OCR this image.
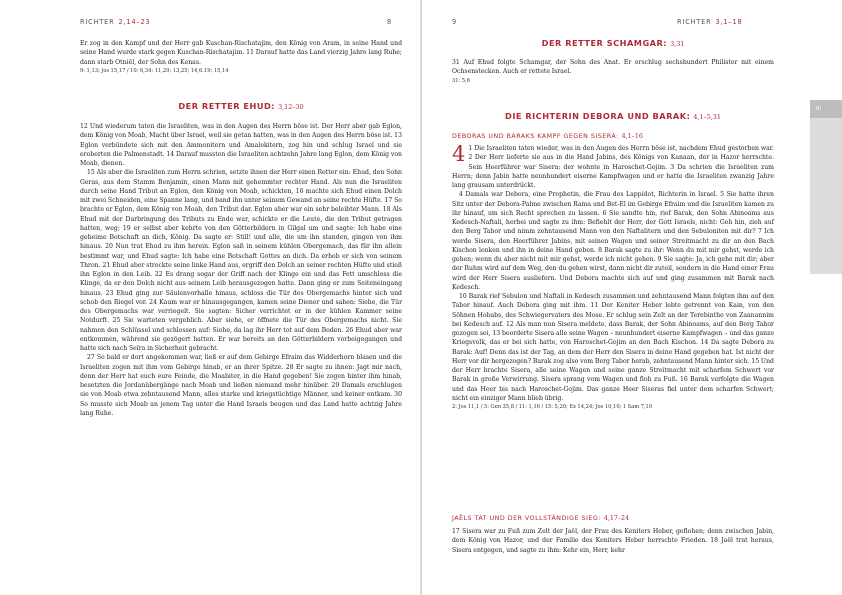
RICHTER 2,14–23	8

Er zog in den Kampf und der Herr gab Kuschan-Rischatajim, den König von Aram, in seine Hand und seine Hand wurde stark gegen Kuschan-Rischatajim. 11 Darauf hatte das Land vierzig Jahre lang Ruhe; dann starb Otniël, der Sohn des Kenas.

9: 1,13; Jos 15,17 / 10: 6,34; 11,29; 13,25; 14,6.19; 15,14

DER RETTER EHUD: 3,12–30

12 Und wiederum taten die Israeliten, was in den Augen des Herrn böse ist. Der Herr aber gab Eglon, dem König von Moab, Macht über Israel, weil sie getan hatten, was in den Augen des Herrn böse ist. 13 Eglon verbündete sich mit den Ammonitern und Amalekitern, zog hin und schlug Israel und sie eroberten die Palmenstadt. 14 Darauf mussten die Israeliten achtzehn Jahre lang Eglon, dem König von Moab, dienen.

15 Als aber die Israeliten zum Herrn schrien, setzte ihnen der Herr einen Retter ein: Ehud, den Sohn Geras, aus dem Stamm Benjamin, einen Mann mit gehemmter rechter Hand. Als nun die Israeliten durch seine Hand Tribut an Eglon, den König von Moab, schickten, 16 machte sich Ehud einen Dolch mit zwei Schneiden, eine Spanne lang, und band ihn unter seinem Gewand an seine rechte Hüfte. 17 So brachte er Eglon, dem König von Moab, den Tribut dar. Eglon aber war ein sehr beleibter Mann. 18 Als Ehud mit der Darbringung des Tributs zu Ende war, schickte er die Leute, die den Tribut getragen hatten, weg; 19 er selbst aber kehrte von den Götterbildern in Gilgal um und sagte: Ich habe eine geheime Botschaft an dich, König. Da sagte er: Still! und alle, die um ihn standen, gingen von ihm hinaus. 20 Nun trat Ehud zu ihm herein. Eglon saß in seinem kühlen Obergemach, das für ihn allein bestimmt war, und Ehud sagte: Ich habe eine Botschaft Gottes an dich. Da erhob er sich von seinem Thron. 21 Ehud aber streckte seine linke Hand aus, ergriff den Dolch an seiner rechten Hüfte und stieß ihn Eglon in den Leib. 22 Es drang sogar der Griff nach der Klinge ein und das Fett umschloss die Klinge, da er den Dolch nicht aus seinem Leib herausgezogen hatte. Dann ging er zum Seiteneingang hinaus. 23 Ehud ging zur Säulenvorhalle hinaus, schloss die Tür des Obergemachs hinter sich und schob den Riegel vor. 24 Kaum war er hinausgegangen, kamen seine Diener und sahen: Siehe, die Tür des Obergemachs war verriegelt. Sie sagten: Sicher verrichtet er in der kühlen Kammer seine Notdurft. 25 Sie warteten vergeblich. Aber siehe, er öffnete die Tür des Obergemachs nicht. Sie nahmen den Schlüssel und schlossen auf: Siehe, da lag ihr Herr tot auf dem Boden. 26 Ehud aber war entkommen, während sie gezögert hatten. Er war bereits an den Götterbildern vorbeigegangen und hatte sich nach Seïra in Sicherheit gebracht.

27 So bald er dort angekommen war, ließ er auf dem Gebirge Efraim das Widderhorn blasen und die Israeliten zogen mit ihm vom Gebirge hinab, er an ihrer Spitze. 28 Er sagte zu ihnen: Jagt mir nach, denn der Herr hat euch eure Feinde, die Moabiter, in die Hand gegeben! Sie zogen hinter ihm hinab, besetzten die Jordanübergänge nach Moab und ließen niemand mehr hinüber. 29 Damals erschlugen sie von Moab etwa zehntausend Mann, alles starke und kriegstüchtige Männer, und keiner entkam. 30 So musste sich Moab an jenem Tag unter die Hand Israels beugen und das Land hatte achtzig Jahre lang Ruhe.

9	RICHTER 3,1–18
DER RETTER SCHAMGAR: 3,31

31 Auf Ehud folgte Schamgar, der Sohn des Anat. Er erschlug sechshundert Philister mit einem Ochsenstecken. Auch er rettete Israel.

31: 5,6

DIE RICHTERIN DEBORA UND BARAK: 4,1–5,31
DEBORAS UND BARAKS KAMPF GEGEN SISERA: 4,1–16
4 1 Die Israeliten taten wieder, was in den Augen des Herrn böse ist, nachdem Ehud gestorben war. 2 Der Herr lieferte sie aus in die Hand Jabins, des Königs von Kanaan, der in Hazor herrschte. Sein Heerführer war Sisera; der wohnte in Haroschet-Gojim. 3 Da schrien die Israeliten zum Herrn; denn Jabin hatte neunhundert eiserne Kampfwagen und er hatte die Israeliten zwanzig Jahre lang grausam unterdrückt.

4 Damals war Debora, eine Prophetin, die Frau des Lappidot, Richterin in Israel. 5 Sie hatte ihren Sitz unter der Debora-Palme zwischen Rama und Bet-El im Gebirge Efraim und die Israeliten kamen zu ihr hinauf, um sich Recht sprechen zu lassen. 6 Sie sandte hin, rief Barak, den Sohn Abinoams aus Kedesch-Naftali, herbei und sagte zu ihm: Befiehlt der Herr, der Gott Israels, nicht: Geh hin, zieh auf den Berg Tabor und nimm zehntausend Mann von den Naftalitern und den Sebuloniten mit dir? 7 Ich werde Sisera, den Heerführer Jabins, mit seinen Wagen und seiner Streitmacht zu dir an den Bach Kischon lenken und ihn in deine Hand geben. 8 Barak sagte zu ihr: Wenn du mit mir gehst, werde ich gehen; wenn du aber nicht mit mir gehst, werde ich nicht gehen. 9 Sie sagte: Ja, ich gehe mit dir; aber der Ruhm wird auf dem Weg, den du gehen wirst, dann nicht dir zuteil, sondern in die Hand einer Frau wird der Herr Sisera ausliefern. Und Debora machte sich auf und ging zusammen mit Barak nach Kedesch.

10 Barak rief Sebulon und Naftali in Kedesch zusammen und zehntausend Mann folgten ihm auf den Tabor hinauf. Auch Debora ging mit ihm. 11 Der Keniter Heber lebte getrennt von Kain, von den Söhnen Hobabs, des Schwiegervaters des Mose. Er schlug sein Zelt an der Terebinthe von Zaanannim bei Kedesch auf. 12 Als man nun Sisera meldete, dass Barak, der Sohn Abinoams, auf den Berg Tabor gezogen sei, 13 beorderte Sisera alle seine Wagen – neunhundert eiserne Kampfwagen – und das ganze Kriegsvolk, das er bei sich hatte, von Haroschet-Gojim an den Bach Kischon. 14 Da sagte Debora zu Barak: Auf! Denn das ist der Tag, an dem der Herr den Sisera in deine Hand gegeben hat. Ist nicht der Herr vor dir hergezogen? Barak zog also vom Berg Tabor herab, zehntausend Mann hinter sich. 15 Und der Herr brachte Sisera, alle seine Wagen und seine ganze Streitmacht mit scharfem Schwert vor Barak in große Verwirrung. Sisera sprang vom Wagen und floh zu Fuß. 16 Barak verfolgte die Wagen und das Heer bis nach Haroschet-Gojim. Das ganze Heer Siseras fiel unter dem scharfen Schwert; nicht ein einziger Mann blieb übrig.

2: Jos 11,1 / 5: Gen 35,8 / 11: 1,16 / 15: 5,20; Ex 14,24; Jos 10,10; 1 Sam 7,10

JAËLS TAT UND DER VOLLSTÄNDIGE SIEG: 4,17–24

17 Sisera war zu Fuß zum Zelt der Jaël, der Frau des Keniters Heber, geflohen; denn zwischen Jabin, dem König von Hazor, und der Familie des Keniters Heber herrschte Frieden. 18 Jaël trat heraus, Sisera entgegen, und sagte zu ihm: Kehr ein, Herr, kehr

RI
